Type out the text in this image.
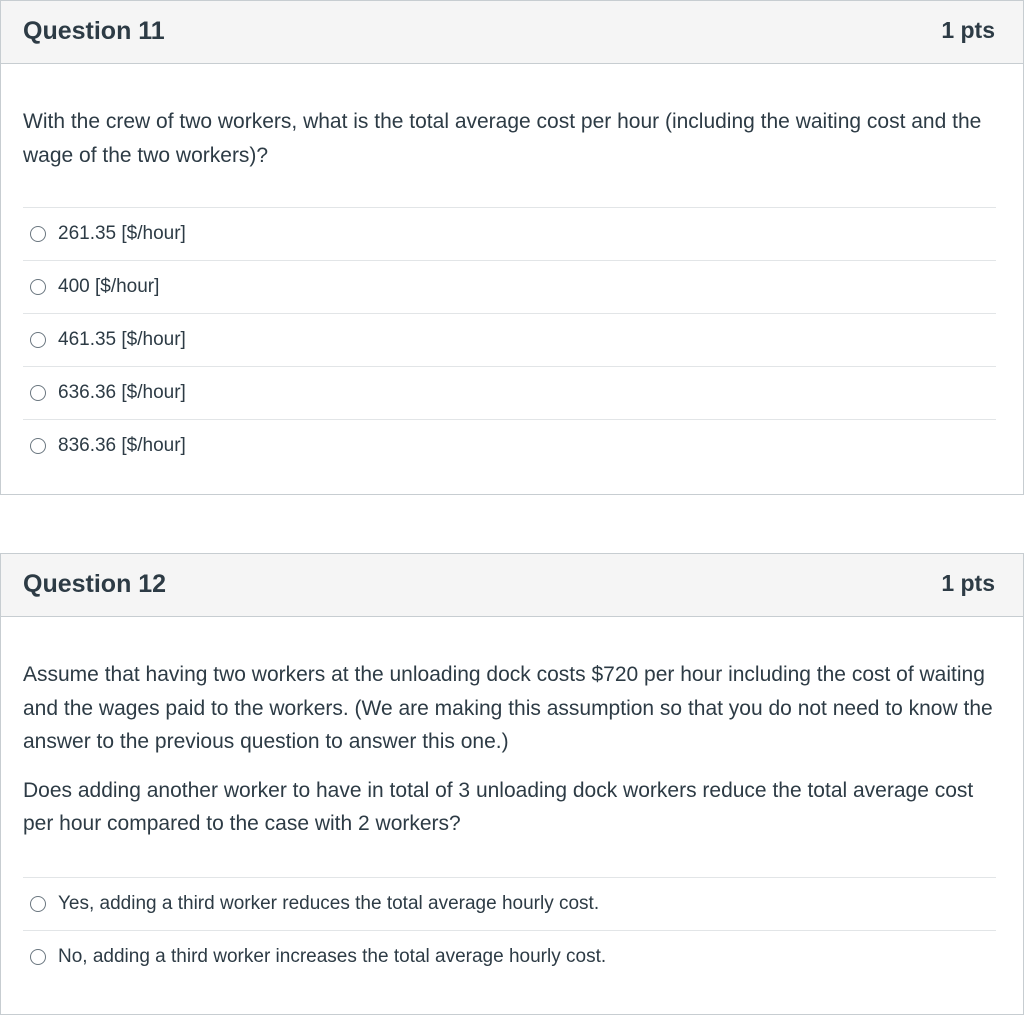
Question 11	1 pts

With the crew of two workers, what is the total average cost per hour (including the waiting cost and the wage of the two workers)?

261.35 [$/hour]
400 [$/hour]
461.35 [$/hour]
636.36 [$/hour]
836.36 [$/hour]
Question 12	1 pts

Assume that having two workers at the unloading dock costs $720 per hour including the cost of waiting and the wages paid to the workers. (We are making this assumption so that you do not need to know the answer to the previous question to answer this one.)

Does adding another worker to have in total of 3 unloading dock workers reduce the total average cost per hour compared to the case with 2 workers?

Yes, adding a third worker reduces the total average hourly cost.
No, adding a third worker increases the total average hourly cost.
